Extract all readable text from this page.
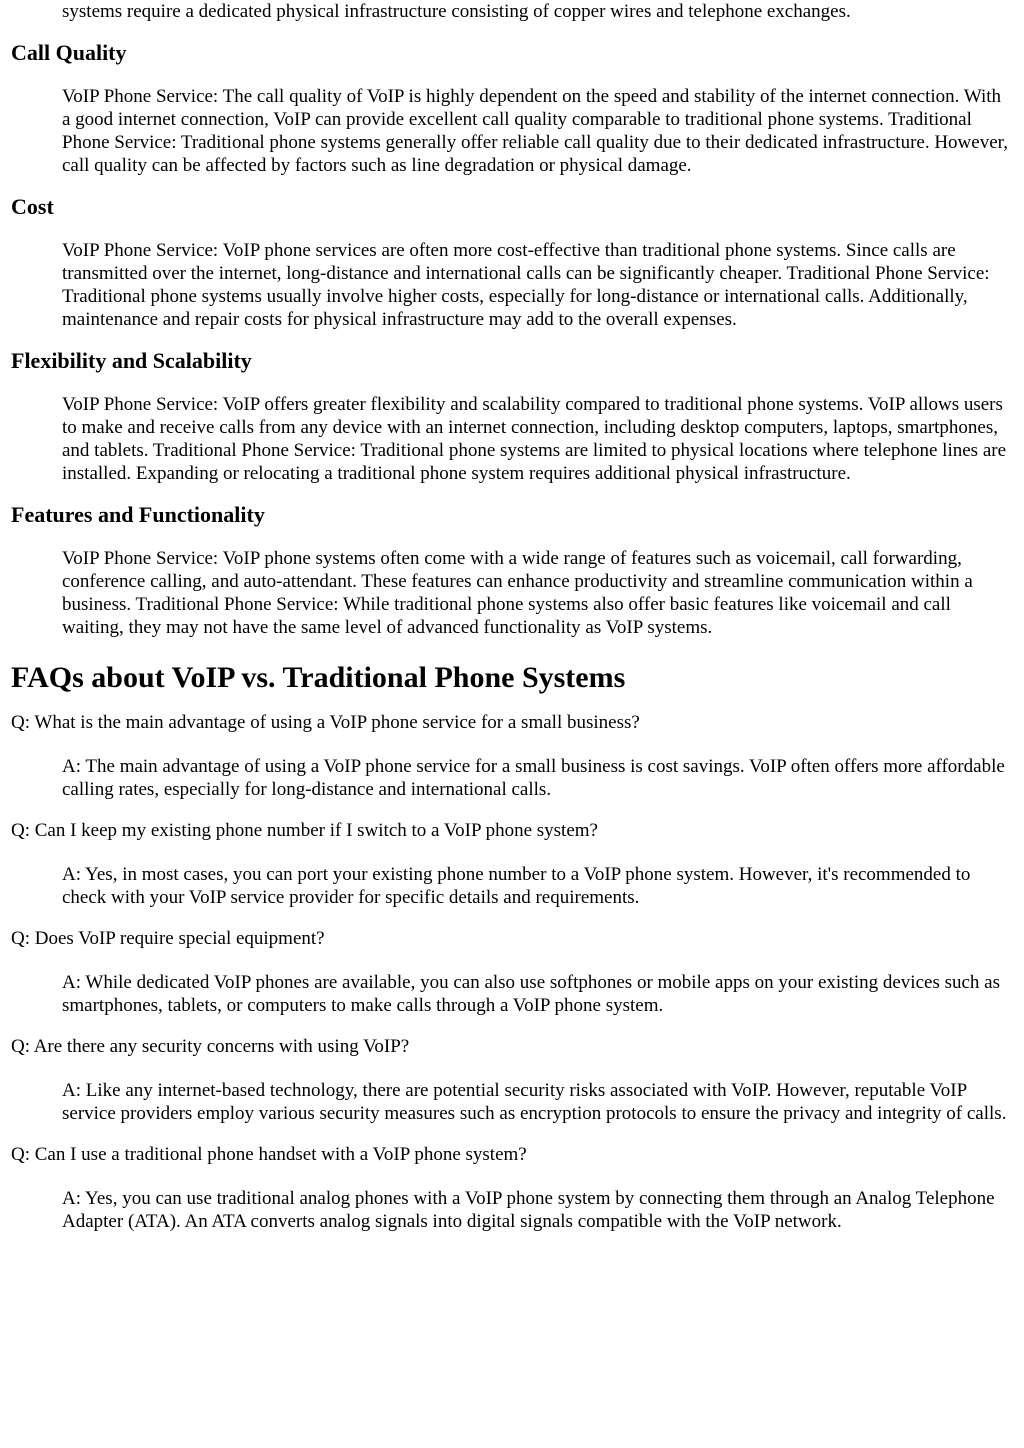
systems require a dedicated physical infrastructure consisting of copper wires and telephone exchanges.

Call Quality
VoIP Phone Service: The call quality of VoIP is highly dependent on the speed and stability of the internet connection. With a good internet connection, VoIP can provide excellent call quality comparable to traditional phone systems. Traditional Phone Service: Traditional phone systems generally offer reliable call quality due to their dedicated infrastructure. However, call quality can be affected by factors such as line degradation or physical damage.
Cost
VoIP Phone Service: VoIP phone services are often more cost-effective than traditional phone systems. Since calls are transmitted over the internet, long-distance and international calls can be significantly cheaper. Traditional Phone Service: Traditional phone systems usually involve higher costs, especially for long-distance or international calls. Additionally, maintenance and repair costs for physical infrastructure may add to the overall expenses.
Flexibility and Scalability
VoIP Phone Service: VoIP offers greater flexibility and scalability compared to traditional phone systems. VoIP allows users to make and receive calls from any device with an internet connection, including desktop computers, laptops, smartphones, and tablets. Traditional Phone Service: Traditional phone systems are limited to physical locations where telephone lines are installed. Expanding or relocating a traditional phone system requires additional physical infrastructure.
Features and Functionality
VoIP Phone Service: VoIP phone systems often come with a wide range of features such as voicemail, call forwarding, conference calling, and auto-attendant. These features can enhance productivity and streamline communication within a business. Traditional Phone Service: While traditional phone systems also offer basic features like voicemail and call waiting, they may not have the same level of advanced functionality as VoIP systems.
FAQs about VoIP vs. Traditional Phone Systems
Q: What is the main advantage of using a VoIP phone service for a small business?
A: The main advantage of using a VoIP phone service for a small business is cost savings. VoIP often offers more affordable calling rates, especially for long-distance and international calls.
Q: Can I keep my existing phone number if I switch to a VoIP phone system?
A: Yes, in most cases, you can port your existing phone number to a VoIP phone system. However, it's recommended to check with your VoIP service provider for specific details and requirements.
Q: Does VoIP require special equipment?
A: While dedicated VoIP phones are available, you can also use softphones or mobile apps on your existing devices such as smartphones, tablets, or computers to make calls through a VoIP phone system.
Q: Are there any security concerns with using VoIP?
A: Like any internet-based technology, there are potential security risks associated with VoIP. However, reputable VoIP service providers employ various security measures such as encryption protocols to ensure the privacy and integrity of calls.
Q: Can I use a traditional phone handset with a VoIP phone system?
A: Yes, you can use traditional analog phones with a VoIP phone system by connecting them through an Analog Telephone Adapter (ATA). An ATA converts analog signals into digital signals compatible with the VoIP network.
